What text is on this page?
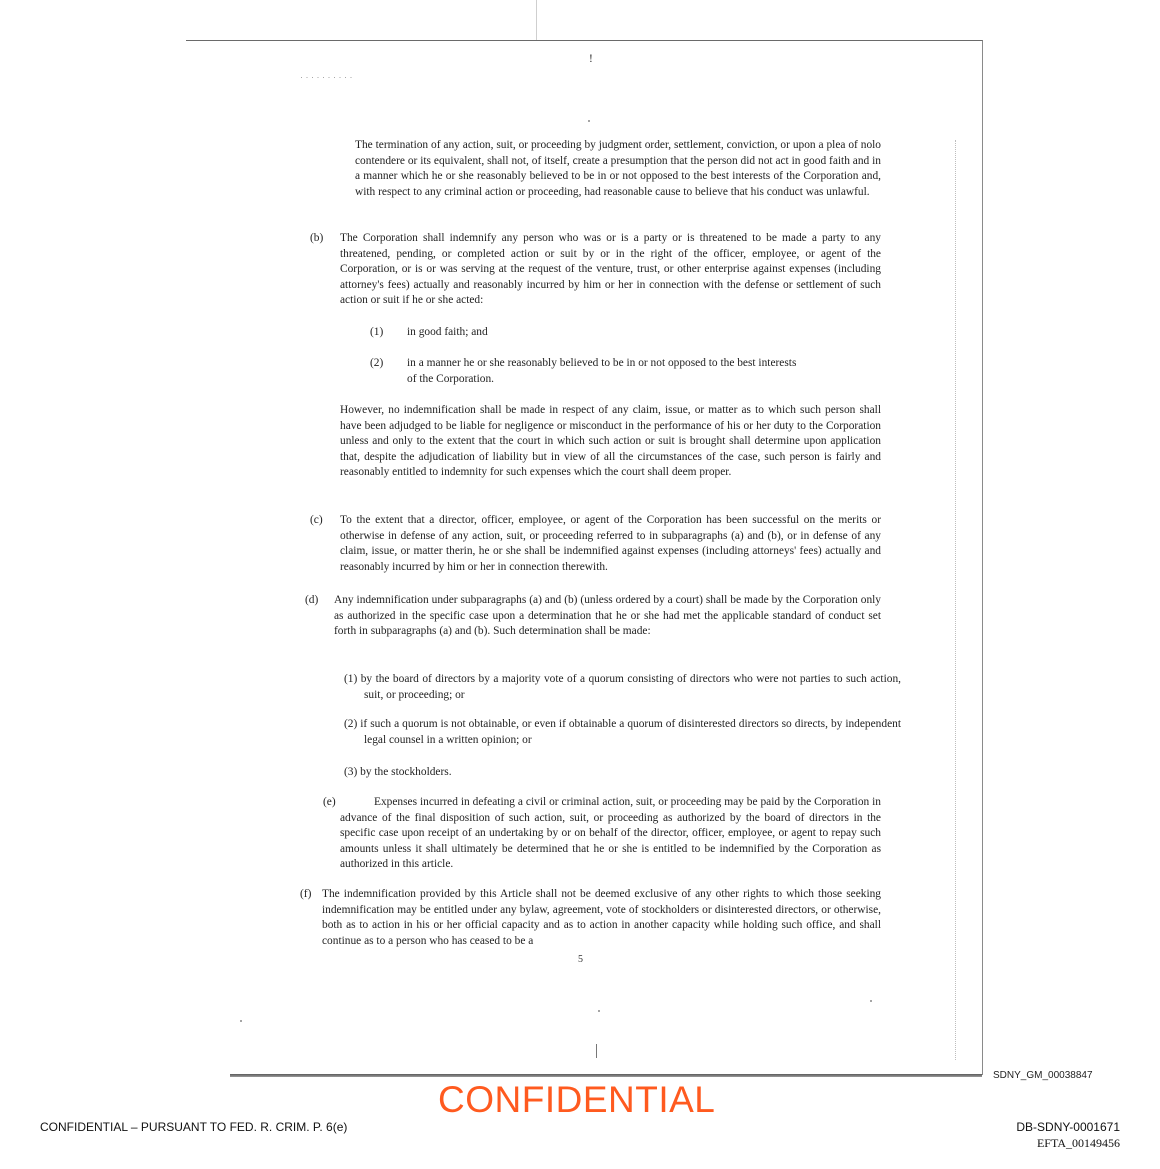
· · · · · · · · · ·
!
The termination of any action, suit, or proceeding by judgment order, settlement, conviction, or upon a plea of nolo contendere or its equivalent, shall not, of itself, create a presumption that the person did not act in good faith and in a manner which he or she reasonably believed to be in or not opposed to the best interests of the Corporation and, with respect to any criminal action or proceeding, had reasonable cause to believe that his conduct was unlawful.
(b) The Corporation shall indemnify any person who was or is a party or is threatened to be made a party to any threatened, pending, or completed action or suit by or in the right of the officer, employee, or agent of the Corporation, or is or was serving at the request of the venture, trust, or other enterprise against expenses (including attorney's fees) actually and reasonably incurred by him or her in connection with the defense or settlement of such action or suit if he or she acted:
(1) in good faith; and
(2) in a manner he or she reasonably believed to be in or not opposed to the best interests of the Corporation.
However, no indemnification shall be made in respect of any claim, issue, or matter as to which such person shall have been adjudged to be liable for negligence or misconduct in the performance of his or her duty to the Corporation unless and only to the extent that the court in which such action or suit is brought shall determine upon application that, despite the adjudication of liability but in view of all the circumstances of the case, such person is fairly and reasonably entitled to indemnity for such expenses which the court shall deem proper.
(c) To the extent that a director, officer, employee, or agent of the Corporation has been successful on the merits or otherwise in defense of any action, suit, or proceeding referred to in subparagraphs (a) and (b), or in defense of any claim, issue, or matter therin, he or she shall be indemnified against expenses (including attorneys' fees) actually and reasonably incurred by him or her in connection therewith.
(d) Any indemnification under subparagraphs (a) and (b) (unless ordered by a court) shall be made by the Corporation only as authorized in the specific case upon a determination that he or she had met the applicable standard of conduct set forth in subparagraphs (a) and (b). Such determination shall be made:
(1) by the board of directors by a majority vote of a quorum consisting of directors who were not parties to such action, suit, or proceeding; or
(2) if such a quorum is not obtainable, or even if obtainable a quorum of disinterested directors so directs, by independent legal counsel in a written opinion; or
(3) by the stockholders.
(e)	Expenses incurred in defeating a civil or criminal action, suit, or proceeding may be paid by the Corporation in advance of the final disposition of such action, suit, or proceeding as authorized by the board of directors in the specific case upon receipt of an undertaking by or on behalf of the director, officer, employee, or agent to repay such amounts unless it shall ultimately be determined that he or she is entitled to be indemnified by the Corporation as authorized in this article.
(f) The indemnification provided by this Article shall not be deemed exclusive of any other rights to which those seeking indemnification may be entitled under any bylaw, agreement, vote of stockholders or disinterested directors, or otherwise, both as to action in his or her official capacity and as to action in another capacity while holding such office, and shall continue as to a person who has ceased to be a
5
SDNY_GM_00038847
CONFIDENTIAL
CONFIDENTIAL – PURSUANT TO FED. R. CRIM. P. 6(e)	DB-SDNY-0001671
EFTA_00149456
